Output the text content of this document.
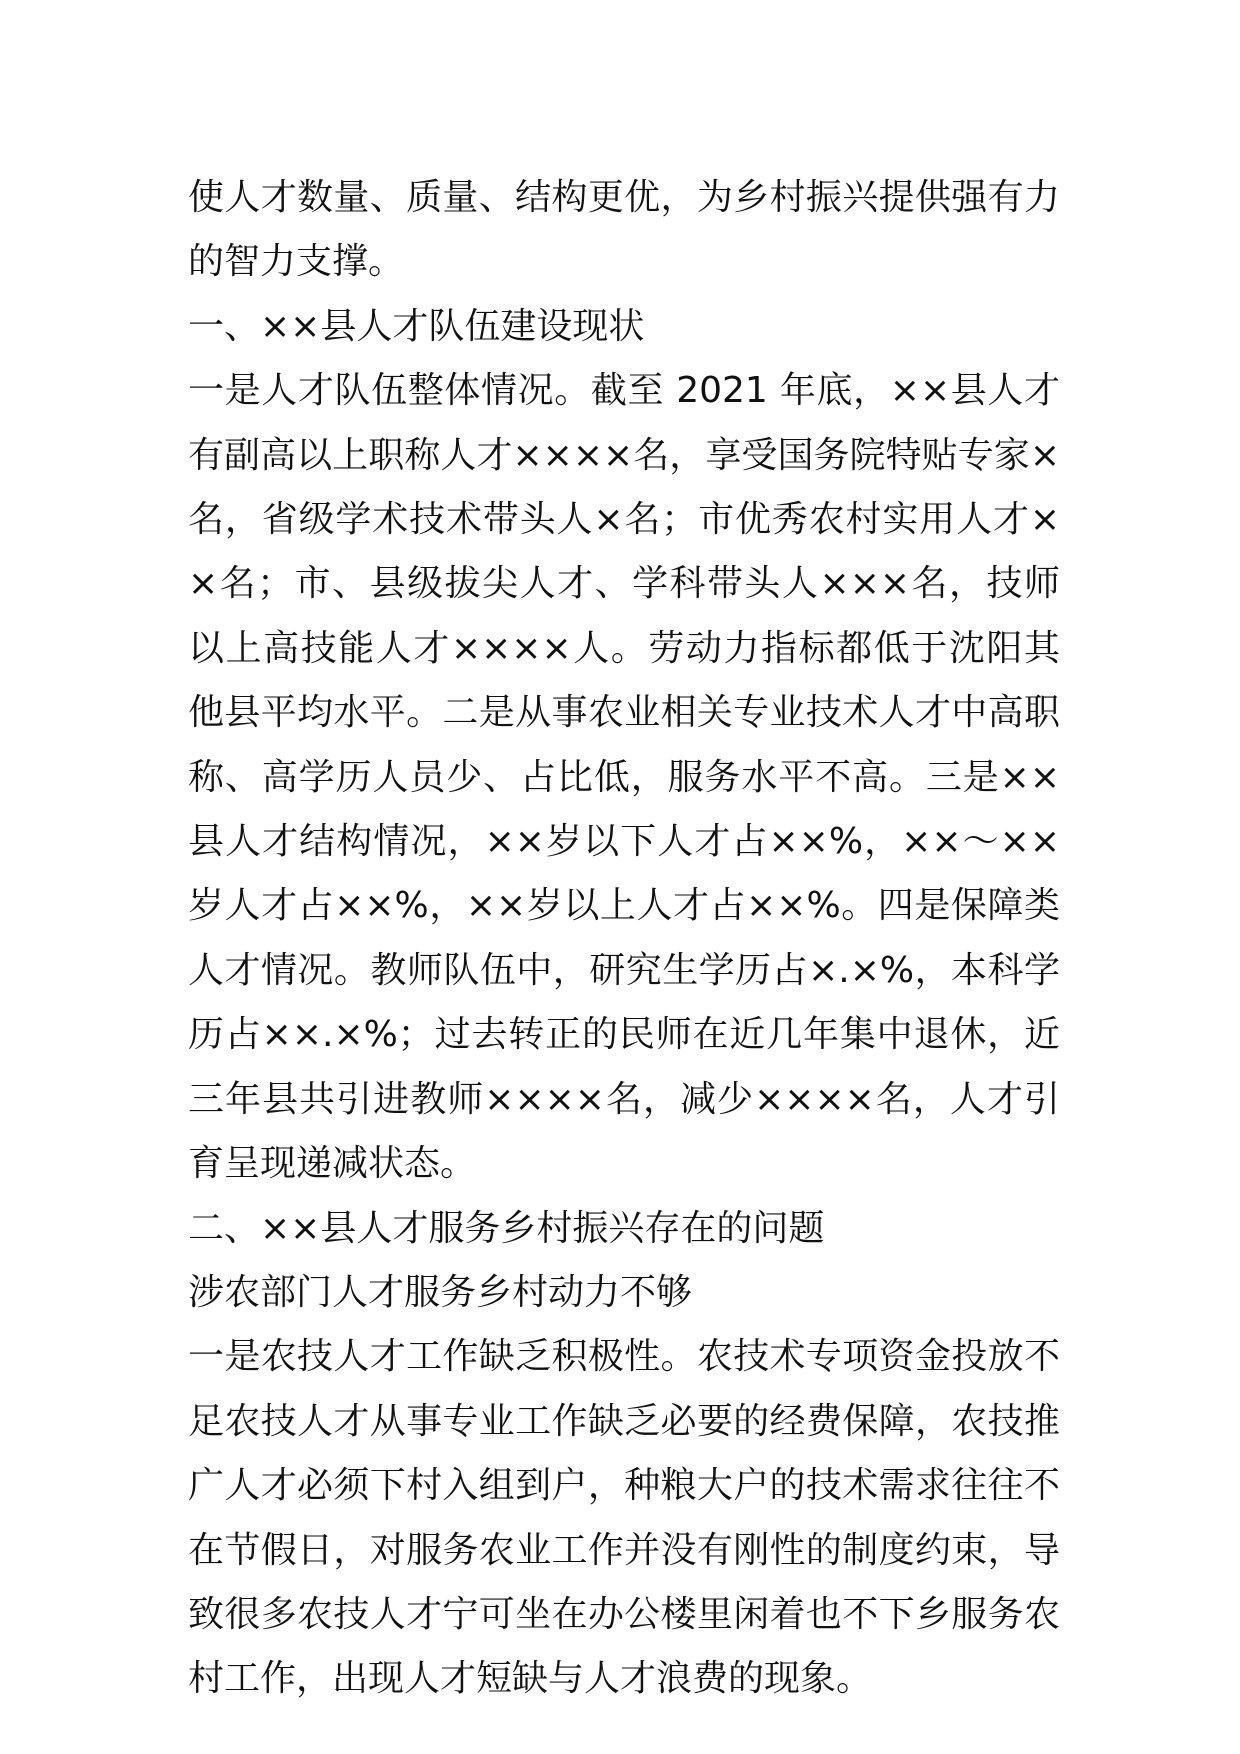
使人才数量、质量、结构更优，为乡村振兴提供强有力的智力支撑。

一、××县人才队伍建设现状

一是人才队伍整体情况。截至 2021 年底，××县人才有副高以上职称人才××××名，享受国务院特贴专家×名，省级学术技术带头人×名；市优秀农村实用人才××名；市、县级拔尖人才、学科带头人×××名，技师以上高技能人才××××人。劳动力指标都低于沈阳其他县平均水平。二是从事农业相关专业技术人才中高职称、高学历人员少、占比低，服务水平不高。三是××县人才结构情况，××岁以下人才占××%，××～××岁人才占××%，××岁以上人才占××%。四是保障类人才情况。教师队伍中，研究生学历占×.×%，本科学历占××.×%；过去转正的民师在近几年集中退休，近三年县共引进教师××××名，减少××××名，人才引育呈现递减状态。

二、××县人才服务乡村振兴存在的问题

涉农部门人才服务乡村动力不够

一是农技人才工作缺乏积极性。农技术专项资金投放不足农技人才从事专业工作缺乏必要的经费保障，农技推广人才必须下村入组到户，种粮大户的技术需求往往不在节假日，对服务农业工作并没有刚性的制度约束，导致很多农技人才宁可坐在办公楼里闲着也不下乡服务农村工作，出现人才短缺与人才浪费的现象。
